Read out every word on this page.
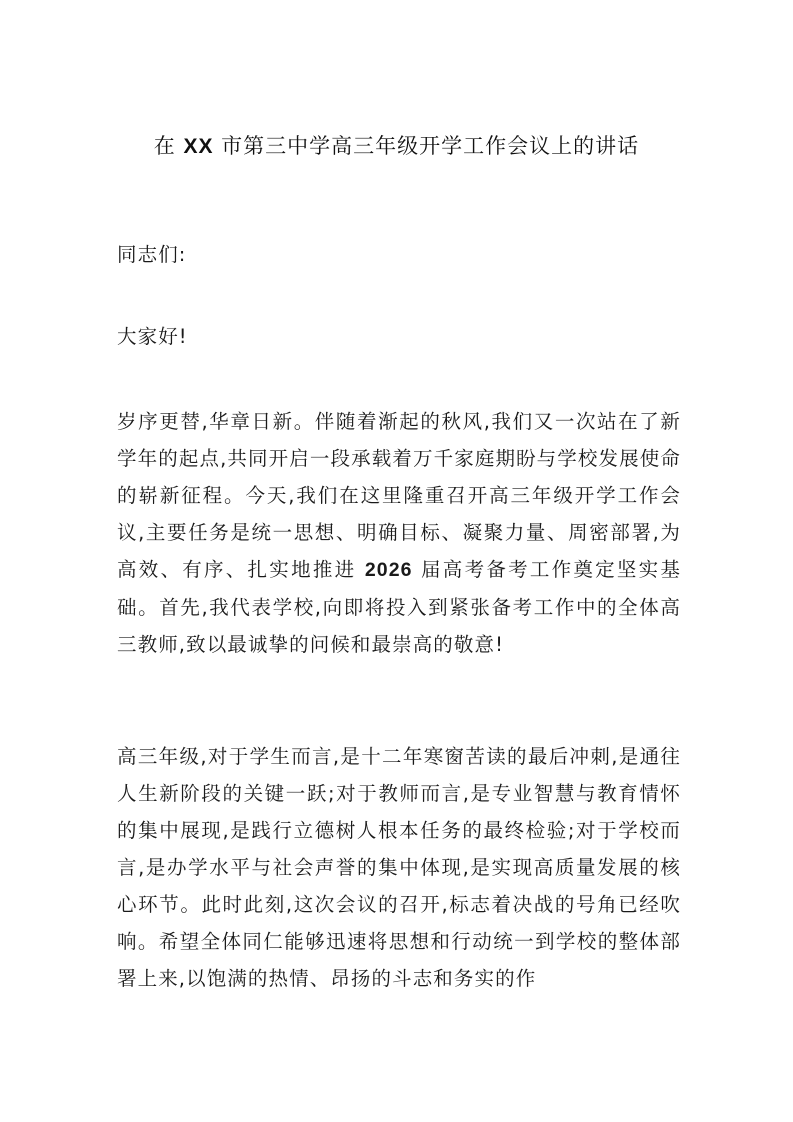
在 XX 市第三中学高三年级开学工作会议上的讲话
同志们:
大家好!

岁序更替,华章日新。伴随着渐起的秋风,我们又一次站在了新学年的起点,共同开启一段承载着万千家庭期盼与学校发展使命的崭新征程。今天,我们在这里隆重召开高三年级开学工作会议,主要任务是统一思想、明确目标、凝聚力量、周密部署,为高效、有序、扎实地推进 2026 届高考备考工作奠定坚实基础。首先,我代表学校,向即将投入到紧张备考工作中的全体高三教师,致以最诚挚的问候和最崇高的敬意!

高三年级,对于学生而言,是十二年寒窗苦读的最后冲刺,是通往人生新阶段的关键一跃;对于教师而言,是专业智慧与教育情怀的集中展现,是践行立德树人根本任务的最终检验;对于学校而言,是办学水平与社会声誉的集中体现,是实现高质量发展的核心环节。此时此刻,这次会议的召开,标志着决战的号角已经吹响。希望全体同仁能够迅速将思想和行动统一到学校的整体部署上来,以饱满的热情、昂扬的斗志和务实的作
